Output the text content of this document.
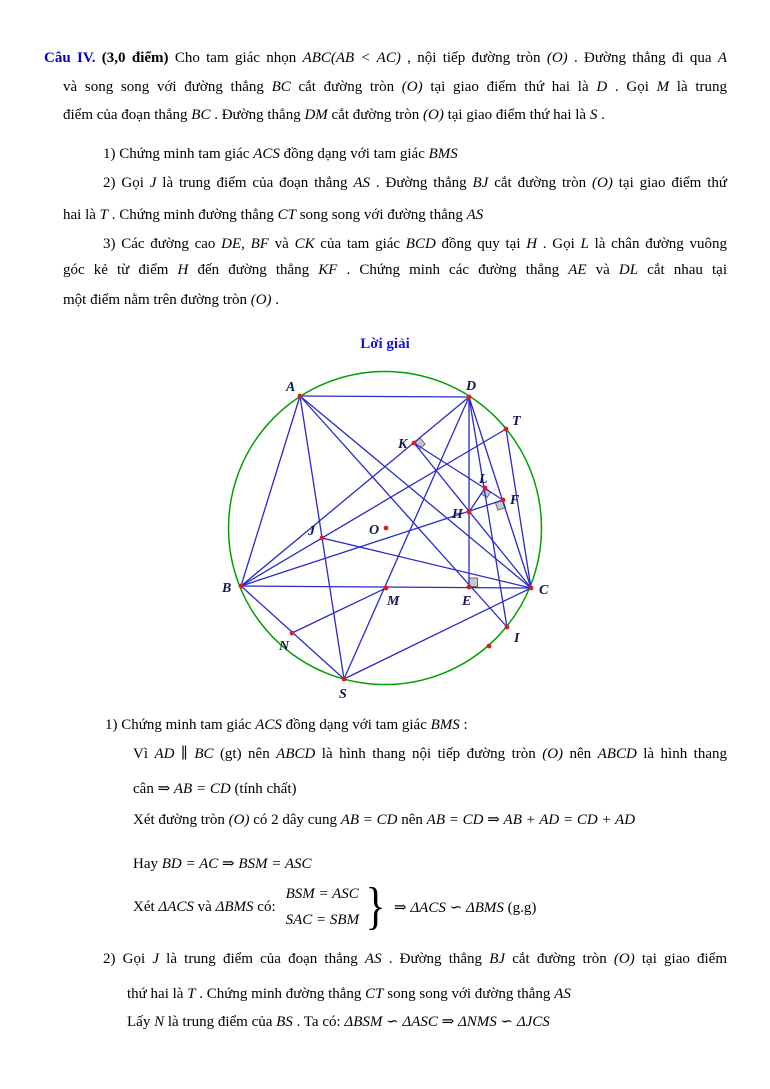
Câu IV. (3,0 điểm) Cho tam giác nhọn ABC(AB < AC) , nội tiếp đường tròn (O) . Đường thẳng đi qua A
và song song với đường thẳng BC cắt đường tròn (O) tại giao điểm thứ hai là D . Gọi M là trung
điểm của đoạn thẳng BC . Đường thẳng DM cắt đường tròn (O) tại giao điểm thứ hai là S .
1) Chứng minh tam giác ACS đồng dạng với tam giác BMS
2) Gọi J là trung điểm của đoạn thẳng AS . Đường thẳng BJ cắt đường tròn (O) tại giao điểm thứ
hai là T . Chứng minh đường thẳng CT song song với đường thẳng AS
3) Các đường cao DE, BF và CK của tam giác BCD đồng quy tại H . Gọi L là chân đường vuông
góc kẻ từ điểm H đến đường thẳng KF . Chứng minh các đường thẳng AE và DL cắt nhau tại
một điểm nằm trên đường tròn (O) .
Lời giải
A
B	C
D
S
T
M
N
J
E
K
F
H
L
I
O
1) Chứng minh tam giác ACS đồng dạng với tam giác BMS :
Vì AD ∥ BC (gt) nên ABCD là hình thang nội tiếp đường tròn (O) nên ABCD là hình thang
cân ⇒ AB = CD (tính chất)
Xét đường tròn (O) có 2 dây cung AB = CD nên AB = CD ⇒ AB + AD = CD + AD
Hay BD = AC ⇒ BSM = ASC
Xét ΔACS và ΔBMS có:
BSM = ASC
SAC = SBM } ⇒ ΔACS ∽ ΔBMS (g.g)
2) Gọi J là trung điểm của đoạn thẳng AS . Đường thẳng BJ cắt đường tròn (O) tại giao điểm
thứ hai là T . Chứng minh đường thẳng CT song song với đường thẳng AS
Lấy N là trung điểm của BS . Ta có: ΔBSM ∽ ΔASC ⇒ ΔNMS ∽ ΔJCS
